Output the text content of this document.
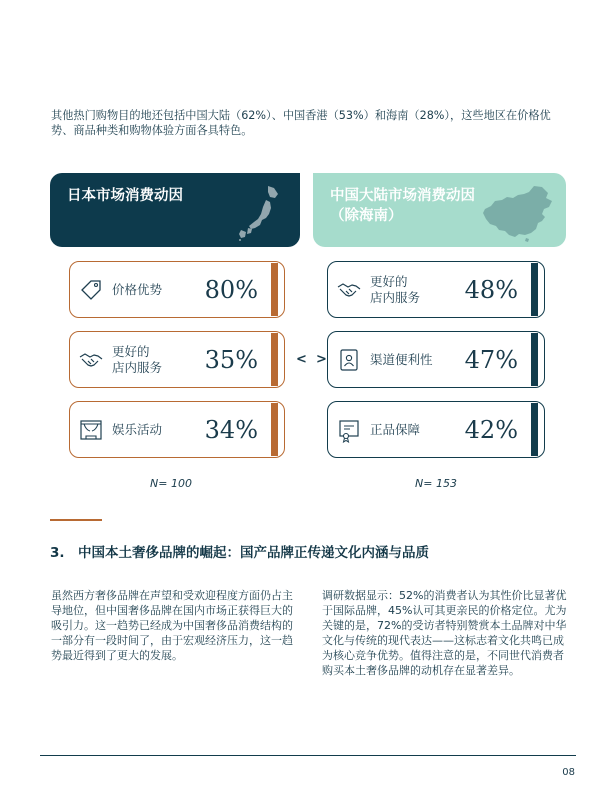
其他热门购物目的地还包括中国大陆（62%）、中国香港（53%）和海南（28%），这些地区在价格优势、商品种类和购物体验方面各具特色。

日本市场消费动因	中国大陆市场消费动因（除海南）
价格优势 80%
更好的
店内服务 35%
娱乐活动 34%
< >
更好的
店内服务 48%
渠道便利性 47%
正品保障 42%
N= 100	N= 153
3. 中国本土奢侈品牌的崛起：国产品牌正传递文化内涵与品质

虽然西方奢侈品牌在声望和受欢迎程度方面仍占主导地位，但中国奢侈品牌在国内市场正获得巨大的吸引力。这一趋势已经成为中国奢侈品消费结构的一部分有一段时间了，由于宏观经济压力，这一趋势最近得到了更大的发展。

调研数据显示：52%的消费者认为其性价比显著优于国际品牌，45%认可其更亲民的价格定位。尤为关键的是，72%的受访者特别赞赏本土品牌对中华文化与传统的现代表达——这标志着文化共鸣已成为核心竞争优势。值得注意的是，不同世代消费者购买本土奢侈品牌的动机存在显著差异。

08
